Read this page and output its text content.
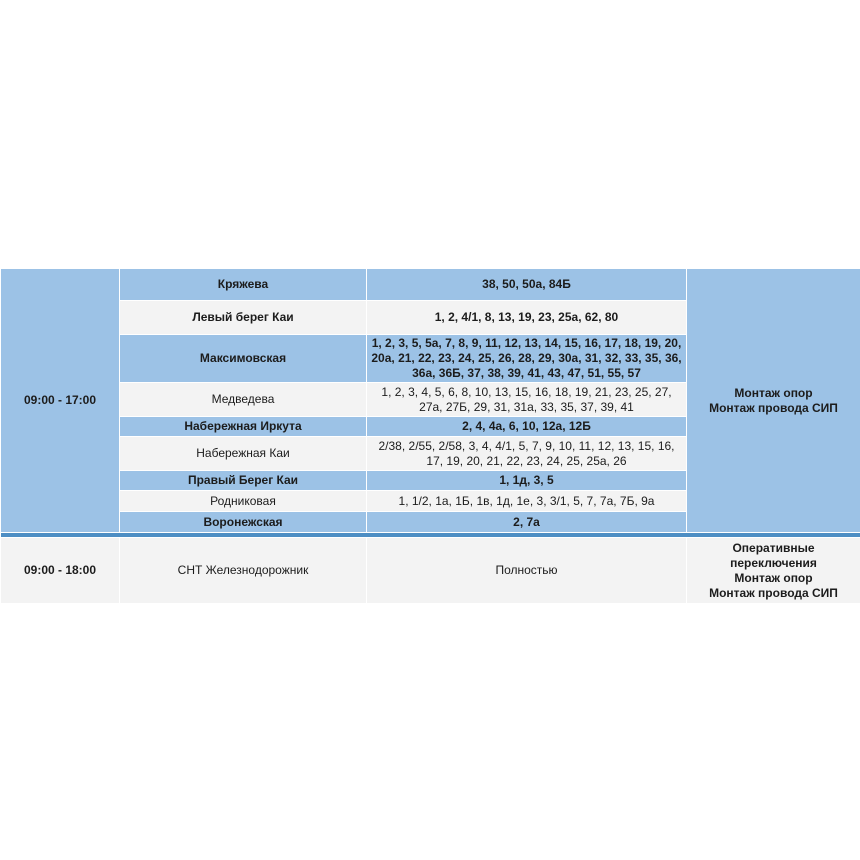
09:00 - 17:00	Кряжева	38, 50, 50а, 84Б	Монтаж опор
Монтаж провода СИП

	Левый берег Каи	1, 2, 4/1, 8, 13, 19, 23, 25а, 62, 80	
	Максимовская	1, 2, 3, 5, 5а, 7, 8, 9, 11, 12, 13, 14, 15, 16, 17, 18, 19, 20, 20а, 21, 22, 23, 24, 25, 26, 28, 29, 30а, 31, 32, 33, 35, 36, 36а, 36Б, 37, 38, 39, 41, 43, 47, 51, 55, 57	
	Медведева	1, 2, 3, 4, 5, 6, 8, 10, 13, 15, 16, 18, 19, 21, 23, 25, 27, 27а, 27Б, 29, 31, 31а, 33, 35, 37, 39, 41	
	Набережная Иркута	2, 4, 4а, 6, 10, 12а, 12Б	
	Набережная Каи	2/38, 2/55, 2/58, 3, 4, 4/1, 5, 7, 9, 10, 11, 12, 13, 15, 16, 17, 19, 20, 21, 22, 23, 24, 25, 25а, 26	
	Правый Берег Каи	1, 1д, 3, 5	
	Родниковая	1, 1/2, 1а, 1Б, 1в, 1д, 1е, 3, 3/1, 5, 7, 7а, 7Б, 9а	
	Воронежская	2, 7а	

09:00 - 18:00	СНТ Железнодорожник	Полностью	Оперативные переключения
Монтаж опор
Монтаж провода СИП
